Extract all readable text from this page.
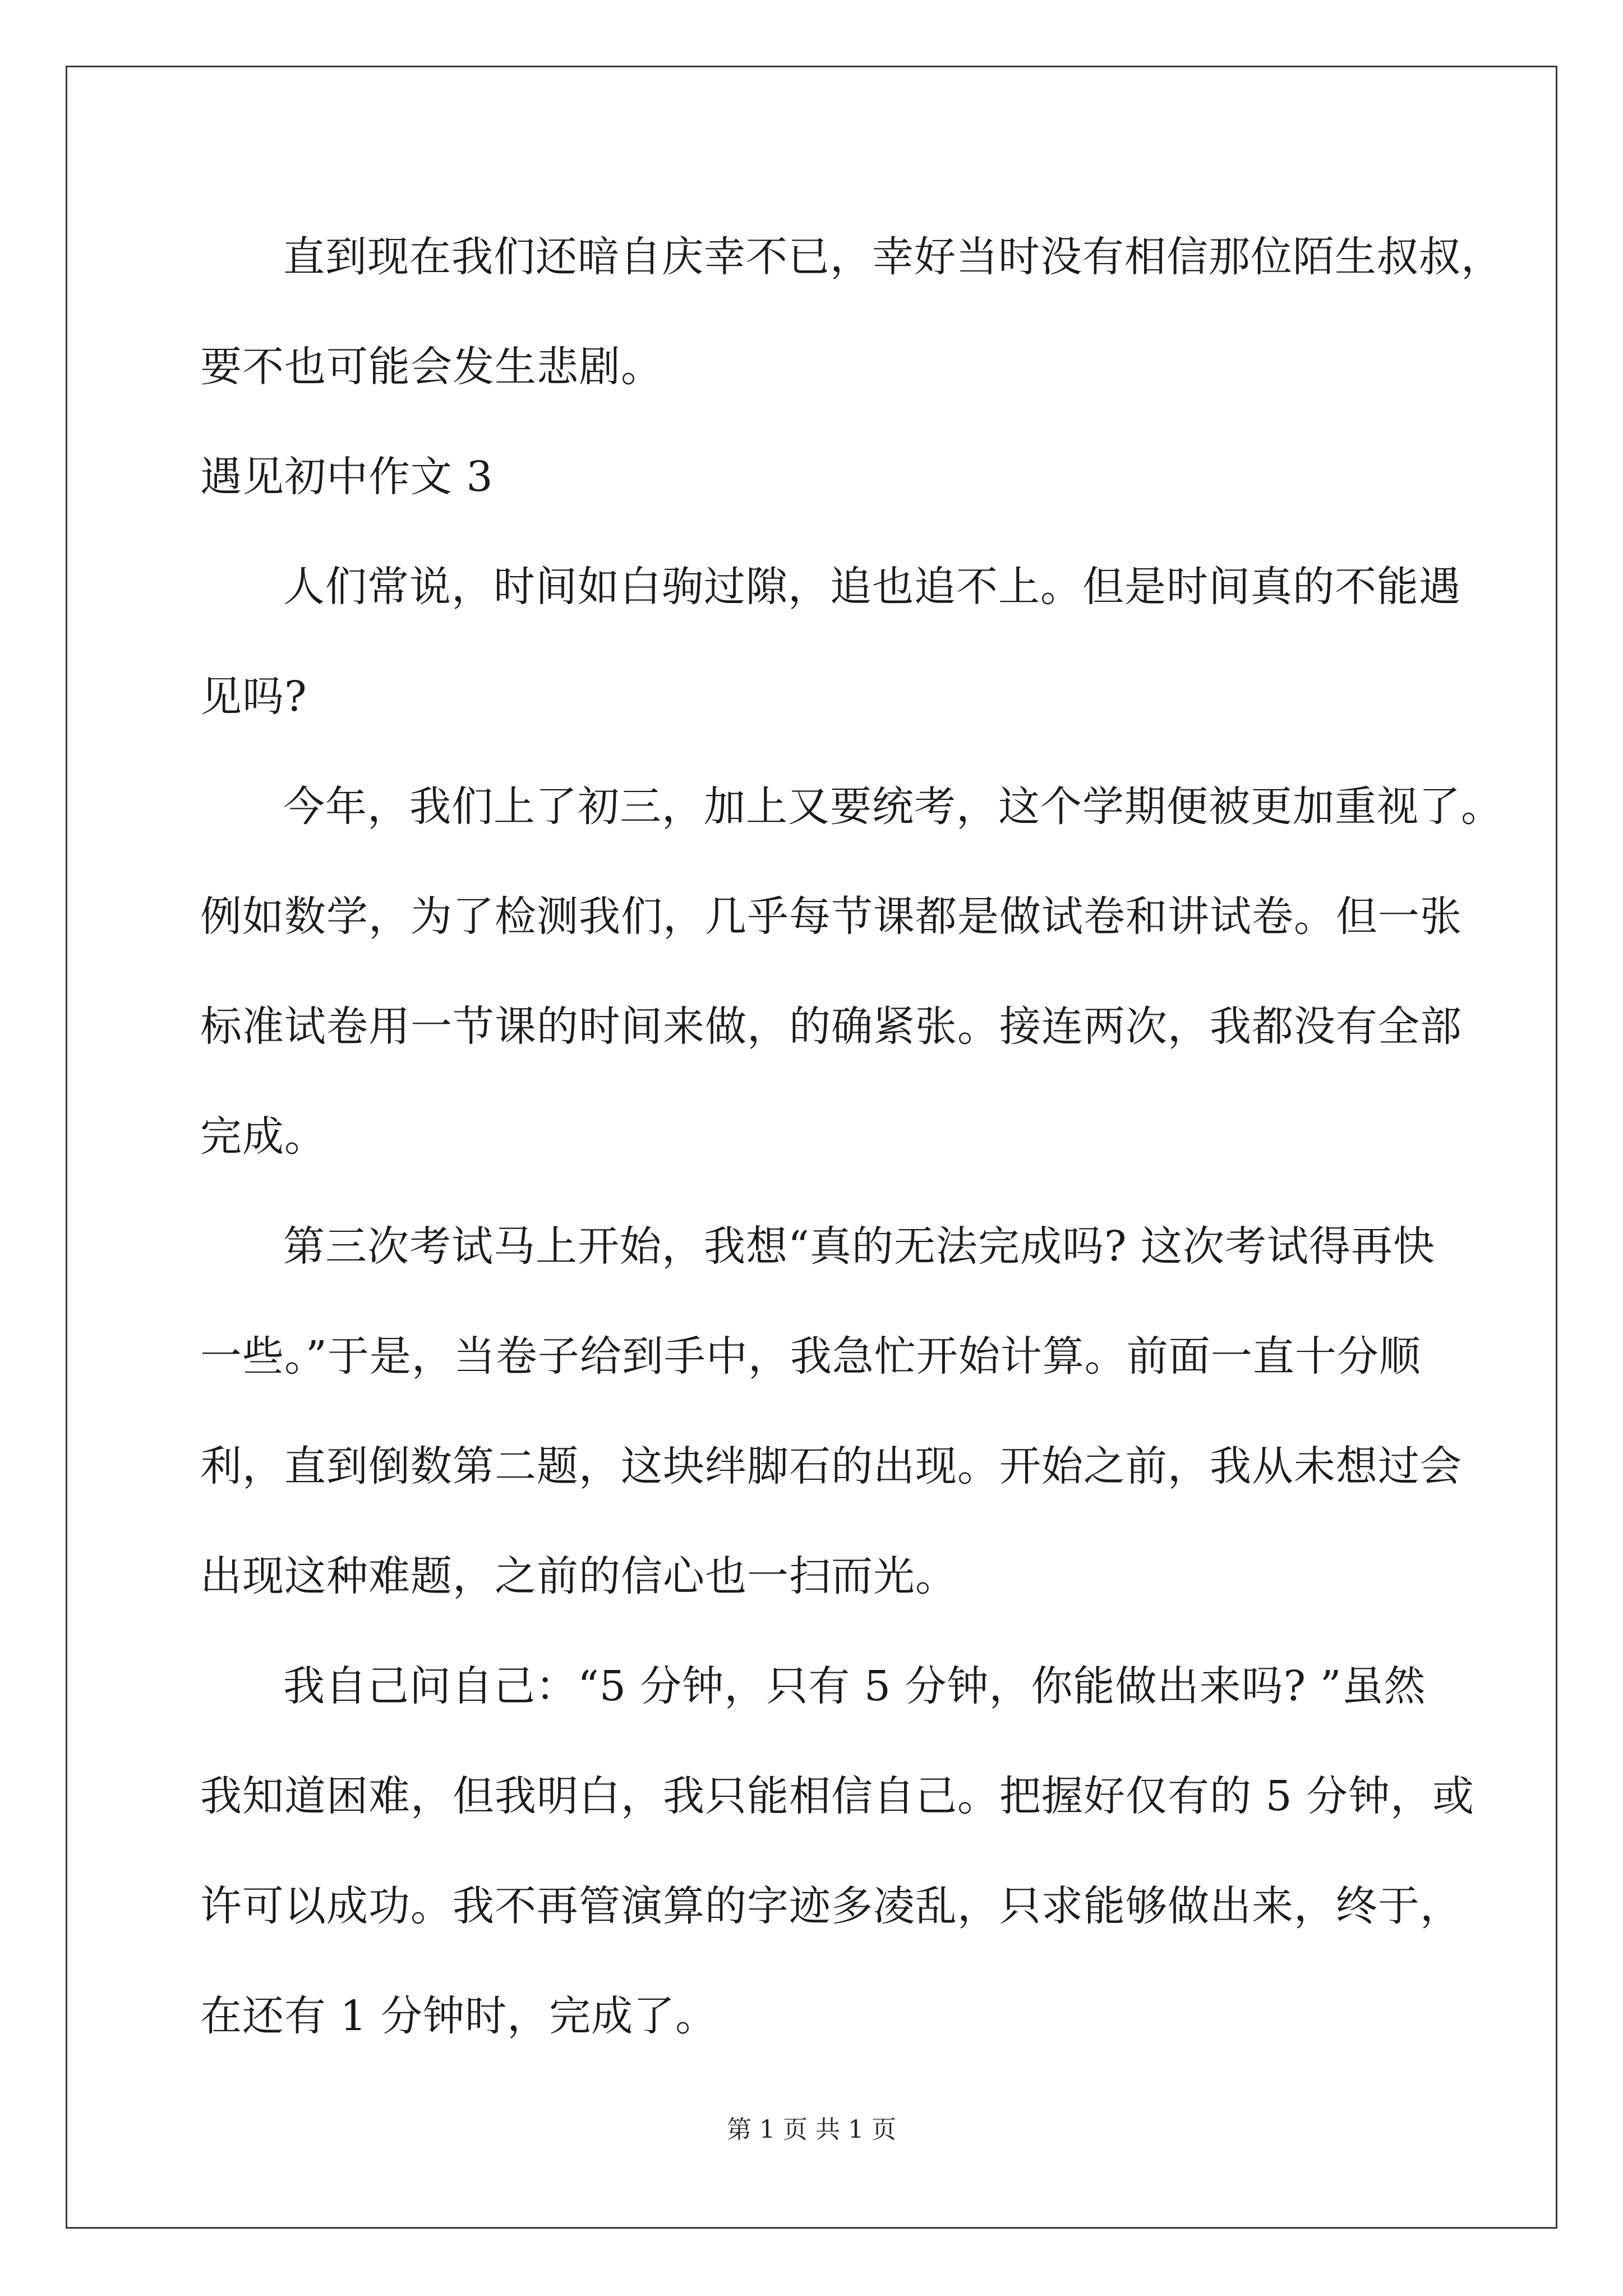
直到现在我们还暗自庆幸不已，幸好当时没有相信那位陌生叔叔，
要不也可能会发生悲剧。

遇见初中作文 3

人们常说，时间如白驹过隙，追也追不上。但是时间真的不能遇
见吗?

今年，我们上了初三，加上又要统考，这个学期便被更加重视了。
例如数学，为了检测我们，几乎每节课都是做试卷和讲试卷。但一张
标准试卷用一节课的时间来做，的确紧张。接连两次，我都没有全部
完成。

第三次考试马上开始，我想“真的无法完成吗? 这次考试得再快
一些。”于是，当卷子给到手中，我急忙开始计算。前面一直十分顺
利，直到倒数第二题，这块绊脚石的出现。开始之前，我从未想过会
出现这种难题，之前的信心也一扫而光。

我自己问自己：“5 分钟，只有 5 分钟，你能做出来吗? ”虽然
我知道困难，但我明白，我只能相信自己。把握好仅有的 5 分钟，或
许可以成功。我不再管演算的字迹多凌乱，只求能够做出来，终于，
在还有 1 分钟时，完成了。

第 1 页 共 1 页
